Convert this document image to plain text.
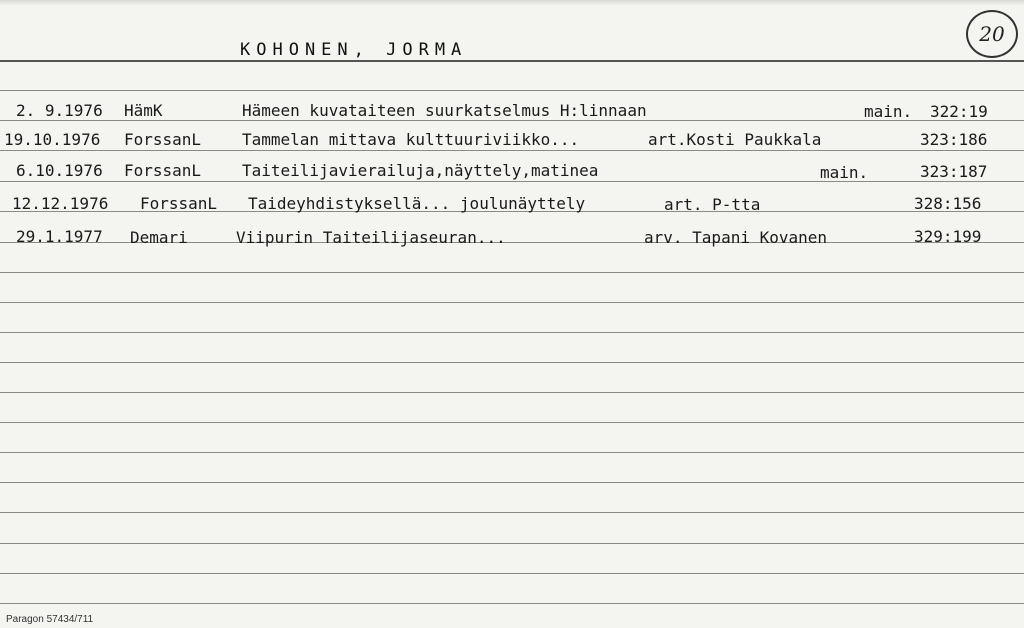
KOHONEN, JORMA
20
2. 9.1976 HämK	Hämeen kuvataiteen suurkatselmus H:linnaan	main. 322:19
19.10.1976 ForssanL	Tammelan mittava kulttuuriviikko...	art.Kosti Paukkala	323:186
6.10.1976 ForssanL	Taiteilijavierailuja,näyttely,matinea	main.	323:187
12.12.1976 ForssanL Taideyhdistyksellä... joulunäyttely	art. P-tta	328:156
29.1.1977 Demari	Viipurin Taiteilijaseuran...	arv. Tapani Kovanen	329:199
Paragon 57434/711
